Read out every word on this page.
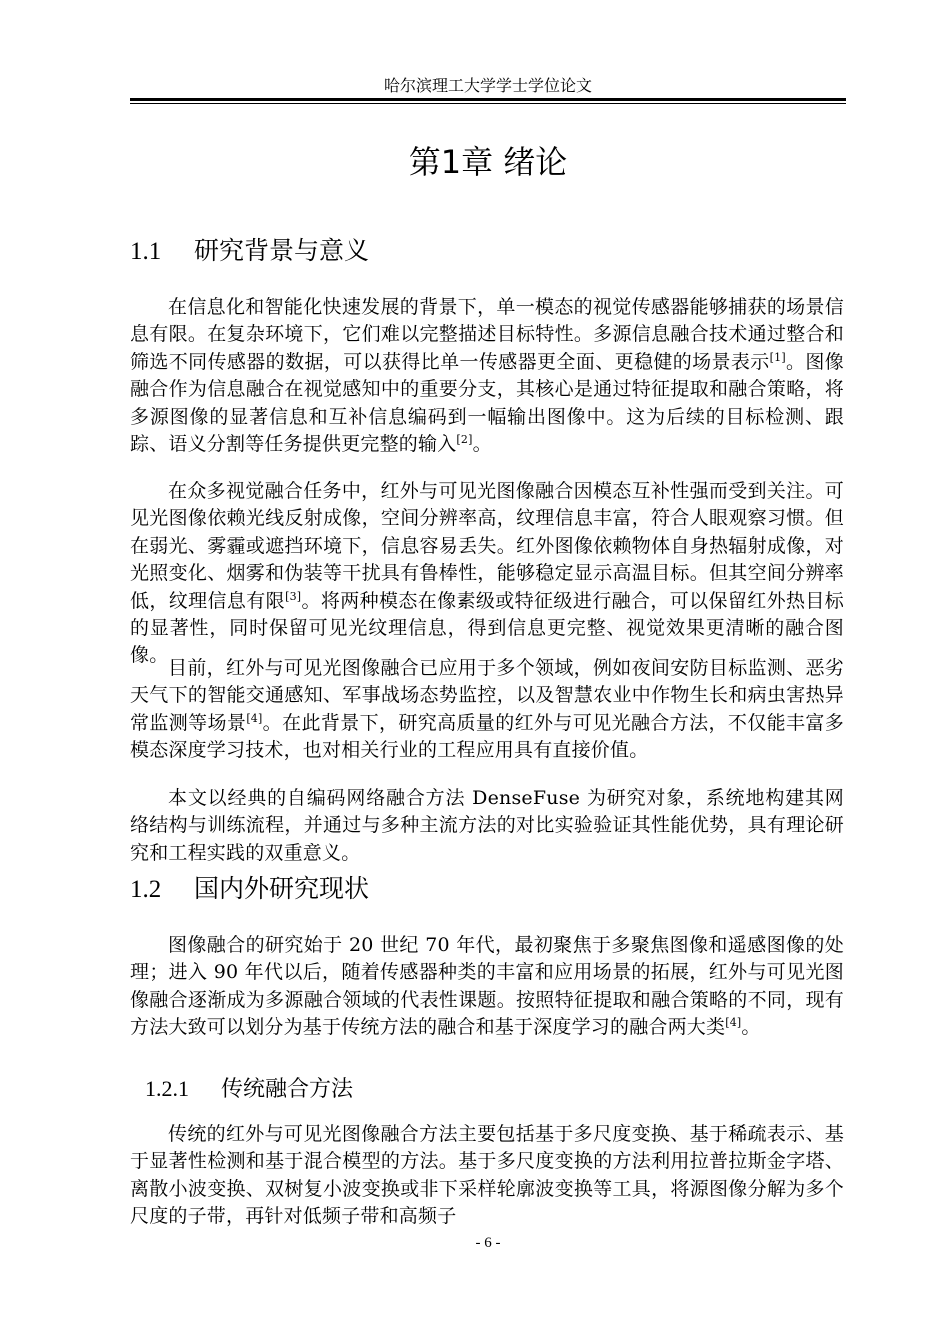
哈尔滨理工大学学士学位论文
第1章 绪论
1.1 研究背景与意义
在信息化和智能化快速发展的背景下，单一模态的视觉传感器能够捕获的场景信息有限。在复杂环境下，它们难以完整描述目标特性。多源信息融合技术通过整合和筛选不同传感器的数据，可以获得比单一传感器更全面、更稳健的场景表示[1]。图像融合作为信息融合在视觉感知中的重要分支，其核心是通过特征提取和融合策略，将多源图像的显著信息和互补信息编码到一幅输出图像中。这为后续的目标检测、跟踪、语义分割等任务提供更完整的输入[2]。
在众多视觉融合任务中，红外与可见光图像融合因模态互补性强而受到关注。可见光图像依赖光线反射成像，空间分辨率高，纹理信息丰富，符合人眼观察习惯。但在弱光、雾霾或遮挡环境下，信息容易丢失。红外图像依赖物体自身热辐射成像，对光照变化、烟雾和伪装等干扰具有鲁棒性，能够稳定显示高温目标。但其空间分辨率低，纹理信息有限[3]。将两种模态在像素级或特征级进行融合，可以保留红外热目标的显著性，同时保留可见光纹理信息，得到信息更完整、视觉效果更清晰的融合图像。
目前，红外与可见光图像融合已应用于多个领域，例如夜间安防目标监测、恶劣天气下的智能交通感知、军事战场态势监控，以及智慧农业中作物生长和病虫害热异常监测等场景[4]。在此背景下，研究高质量的红外与可见光融合方法，不仅能丰富多模态深度学习技术，也对相关行业的工程应用具有直接价值。
本文以经典的自编码网络融合方法 DenseFuse 为研究对象，系统地构建其网络结构与训练流程，并通过与多种主流方法的对比实验验证其性能优势，具有理论研究和工程实践的双重意义。
1.2 国内外研究现状
图像融合的研究始于 20 世纪 70 年代，最初聚焦于多聚焦图像和遥感图像的处理；进入 90 年代以后，随着传感器种类的丰富和应用场景的拓展，红外与可见光图像融合逐渐成为多源融合领域的代表性课题。按照特征提取和融合策略的不同，现有方法大致可以划分为基于传统方法的融合和基于深度学习的融合两大类[4]。
1.2.1 传统融合方法
传统的红外与可见光图像融合方法主要包括基于多尺度变换、基于稀疏表示、基于显著性检测和基于混合模型的方法。基于多尺度变换的方法利用拉普拉斯金字塔、离散小波变换、双树复小波变换或非下采样轮廓波变换等工具，将源图像分解为多个尺度的子带，再针对低频子带和高频子
- 6 -
